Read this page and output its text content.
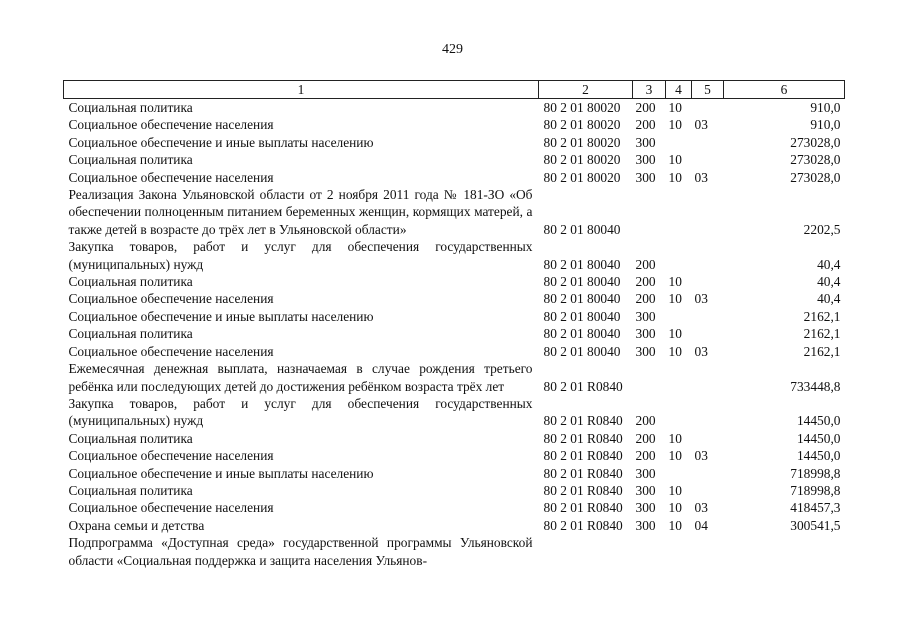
429
1	2	3	4	5	6
Социальная политика	80 2 01 80020	200	10		910,0
Социальное обеспечение населения	80 2 01 80020	200	10	03	910,0
Социальное обеспечение и иные выплаты населению	80 2 01 80020	300			273028,0
Социальная политика	80 2 01 80020	300	10		273028,0
Социальное обеспечение населения	80 2 01 80020	300	10	03	273028,0
Реализация Закона Ульяновской области от 2 ноября 2011 года № 181-ЗО «Об обеспечении полноценным питанием беременных женщин, кормящих матерей, а также детей в возрасте до трёх лет в Ульяновской области»	80 2 01 80040				2202,5
Закупка товаров, работ и услуг для обеспечения государственных (муниципальных) нужд	80 2 01 80040	200			40,4
Социальная политика	80 2 01 80040	200	10		40,4
Социальное обеспечение населения	80 2 01 80040	200	10	03	40,4
Социальное обеспечение и иные выплаты населению	80 2 01 80040	300			2162,1
Социальная политика	80 2 01 80040	300	10		2162,1
Социальное обеспечение населения	80 2 01 80040	300	10	03	2162,1
Ежемесячная денежная выплата, назначаемая в случае рождения третьего ребёнка или последующих детей до достижения ребёнком возраста трёх лет	80 2 01 R0840				733448,8
Закупка товаров, работ и услуг для обеспечения государственных (муниципальных) нужд	80 2 01 R0840	200			14450,0
Социальная политика	80 2 01 R0840	200	10		14450,0
Социальное обеспечение населения	80 2 01 R0840	200	10	03	14450,0
Социальное обеспечение и иные выплаты населению	80 2 01 R0840	300			718998,8
Социальная политика	80 2 01 R0840	300	10		718998,8
Социальное обеспечение населения	80 2 01 R0840	300	10	03	418457,3
Охрана семьи и детства	80 2 01 R0840	300	10	04	300541,5
Подпрограмма «Доступная среда» государственной программы Ульяновской области «Социальная поддержка и защита населения Ульянов-					
